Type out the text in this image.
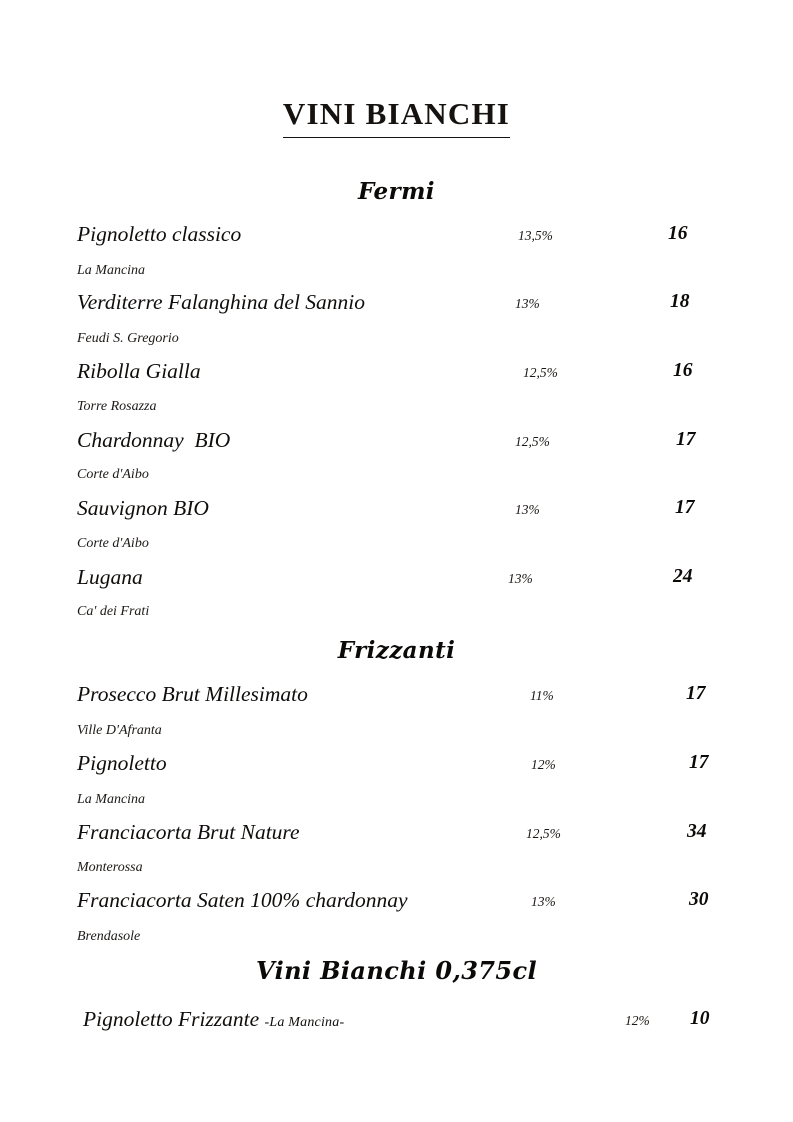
VINI BIANCHI
Fermi
Pignoletto classico	13,5%	16
La Mancina
Verditerre Falanghina del Sannio	13%	18
Feudi S. Gregorio
Ribolla Gialla	12,5%	16
Torre Rosazza
Chardonnay  BIO	12,5%	17
Corte d'Aibo
Sauvignon BIO	13%	17
Corte d'Aibo
Lugana	13%	24
Ca' dei Frati
Frizzanti
Prosecco Brut Millesimato	11%	17
Ville D'Afranta
Pignoletto	12%	17
La Mancina
Franciacorta Brut Nature	12,5%	34
Monterossa
Franciacorta Saten 100% chardonnay	13%	30
Brendasole
Vini Bianchi 0,375cl
Pignoletto Frizzante -La Mancina-	12% 10
